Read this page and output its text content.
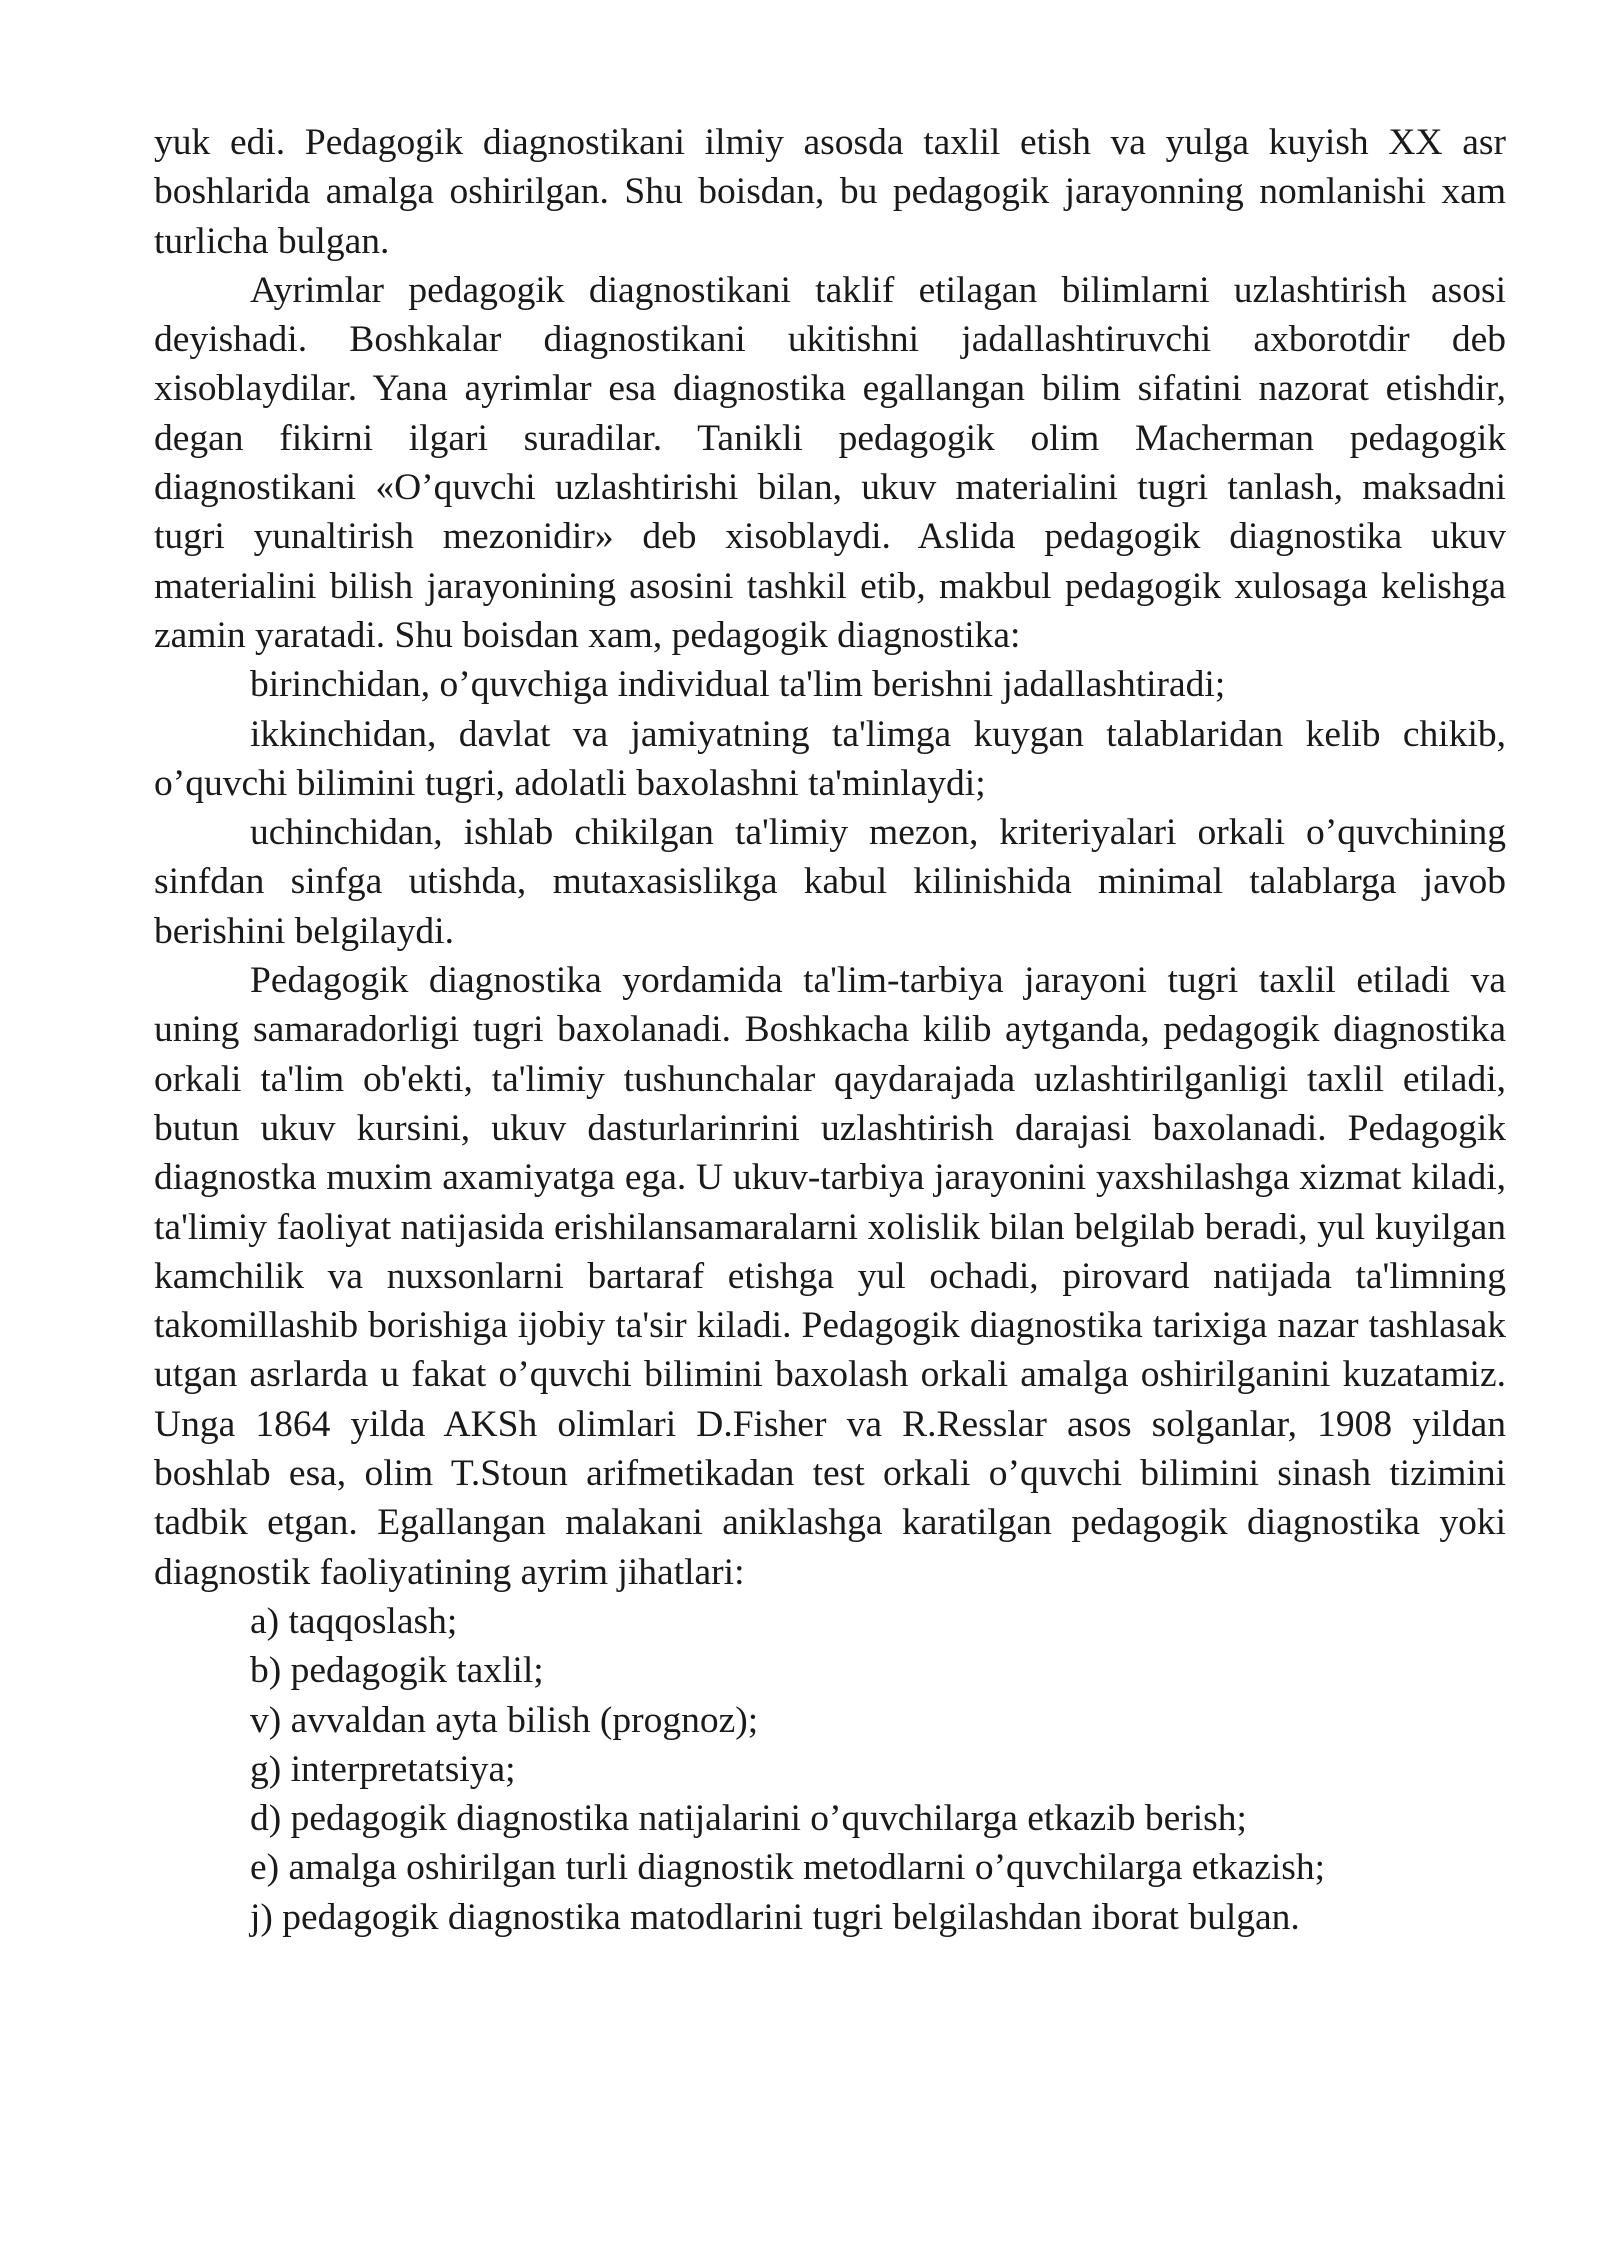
yuk edi. Pedagogik diagnostikani ilmiy asosda taxlil etish va yulga kuyish XX asr boshlarida amalga oshirilgan. Shu boisdan, bu pedagogik jarayonning nomlanishi xam turlicha bulgan.

Ayrimlar pedagogik diagnostikani taklif etilagan bilimlarni uzlashtirish asosi deyishadi. Boshkalar diagnostikani ukitishni jadallashtiruvchi axborotdir deb xisoblaydilar. Yana ayrimlar esa diagnostika egallangan bilim sifatini nazorat etishdir, degan fikirni ilgari suradilar. Tanikli pedagogik olim Macherman pedagogik diagnostikani «O’quvchi uzlashtirishi bilan, ukuv materialini tugri tanlash, maksadni tugri yunaltirish mezonidir» deb xisoblaydi. Aslida pedagogik diagnostika ukuv materialini bilish jarayonining asosini tashkil etib, makbul pedagogik xulosaga kelishga zamin yaratadi. Shu boisdan xam, pedagogik diagnostika:

birinchidan, o’quvchiga individual ta'lim berishni jadallashtiradi;

ikkinchidan, davlat va jamiyatning ta'limga kuygan talablaridan kelib chikib, o’quvchi bilimini tugri, adolatli baxolashni ta'minlaydi;

uchinchidan, ishlab chikilgan ta'limiy mezon, kriteriyalari orkali o’quvchining sinfdan sinfga utishda, mutaxasislikga kabul kilinishida minimal talablarga javob berishini belgilaydi.

Pedagogik diagnostika yordamida ta'lim-tarbiya jarayoni tugri taxlil etiladi va uning samaradorligi tugri baxolanadi. Boshkacha kilib aytganda, pedagogik diagnostika orkali ta'lim ob'ekti, ta'limiy tushunchalar qaydarajada uzlashtirilganligi taxlil etiladi, butun ukuv kursini, ukuv dasturlarinrini uzlashtirish darajasi baxolanadi. Pedagogik diagnostka muxim axamiyatga ega. U ukuv-tarbiya jarayonini yaxshilashga xizmat kiladi, ta'limiy faoliyat natijasida erishilansamaralarni xolislik bilan belgilab beradi, yul kuyilgan kamchilik va nuxsonlarni bartaraf etishga yul ochadi, pirovard natijada ta'limning takomillashib borishiga ijobiy ta'sir kiladi. Pedagogik diagnostika tarixiga nazar tashlasak utgan asrlarda u fakat o’quvchi bilimini baxolash orkali amalga oshirilganini kuzatamiz. Unga 1864 yilda AKSh olimlari D.Fisher va R.Resslar asos solganlar, 1908 yildan boshlab esa, olim T.Stoun arifmetikadan test orkali o’quvchi bilimini sinash tizimini tadbik etgan. Egallangan malakani aniklashga karatilgan pedagogik diagnostika yoki diagnostik faoliyatining ayrim jihatlari:

a) taqqoslash;
b) pedagogik taxlil;
v) avvaldan ayta bilish (prognoz);
g) interpretatsiya;
d) pedagogik diagnostika natijalarini o’quvchilarga etkazib berish;
e) amalga oshirilgan turli diagnostik metodlarni o’quvchilarga etkazish;
j) pedagogik diagnostika matodlarini tugri belgilashdan iborat bulgan.
